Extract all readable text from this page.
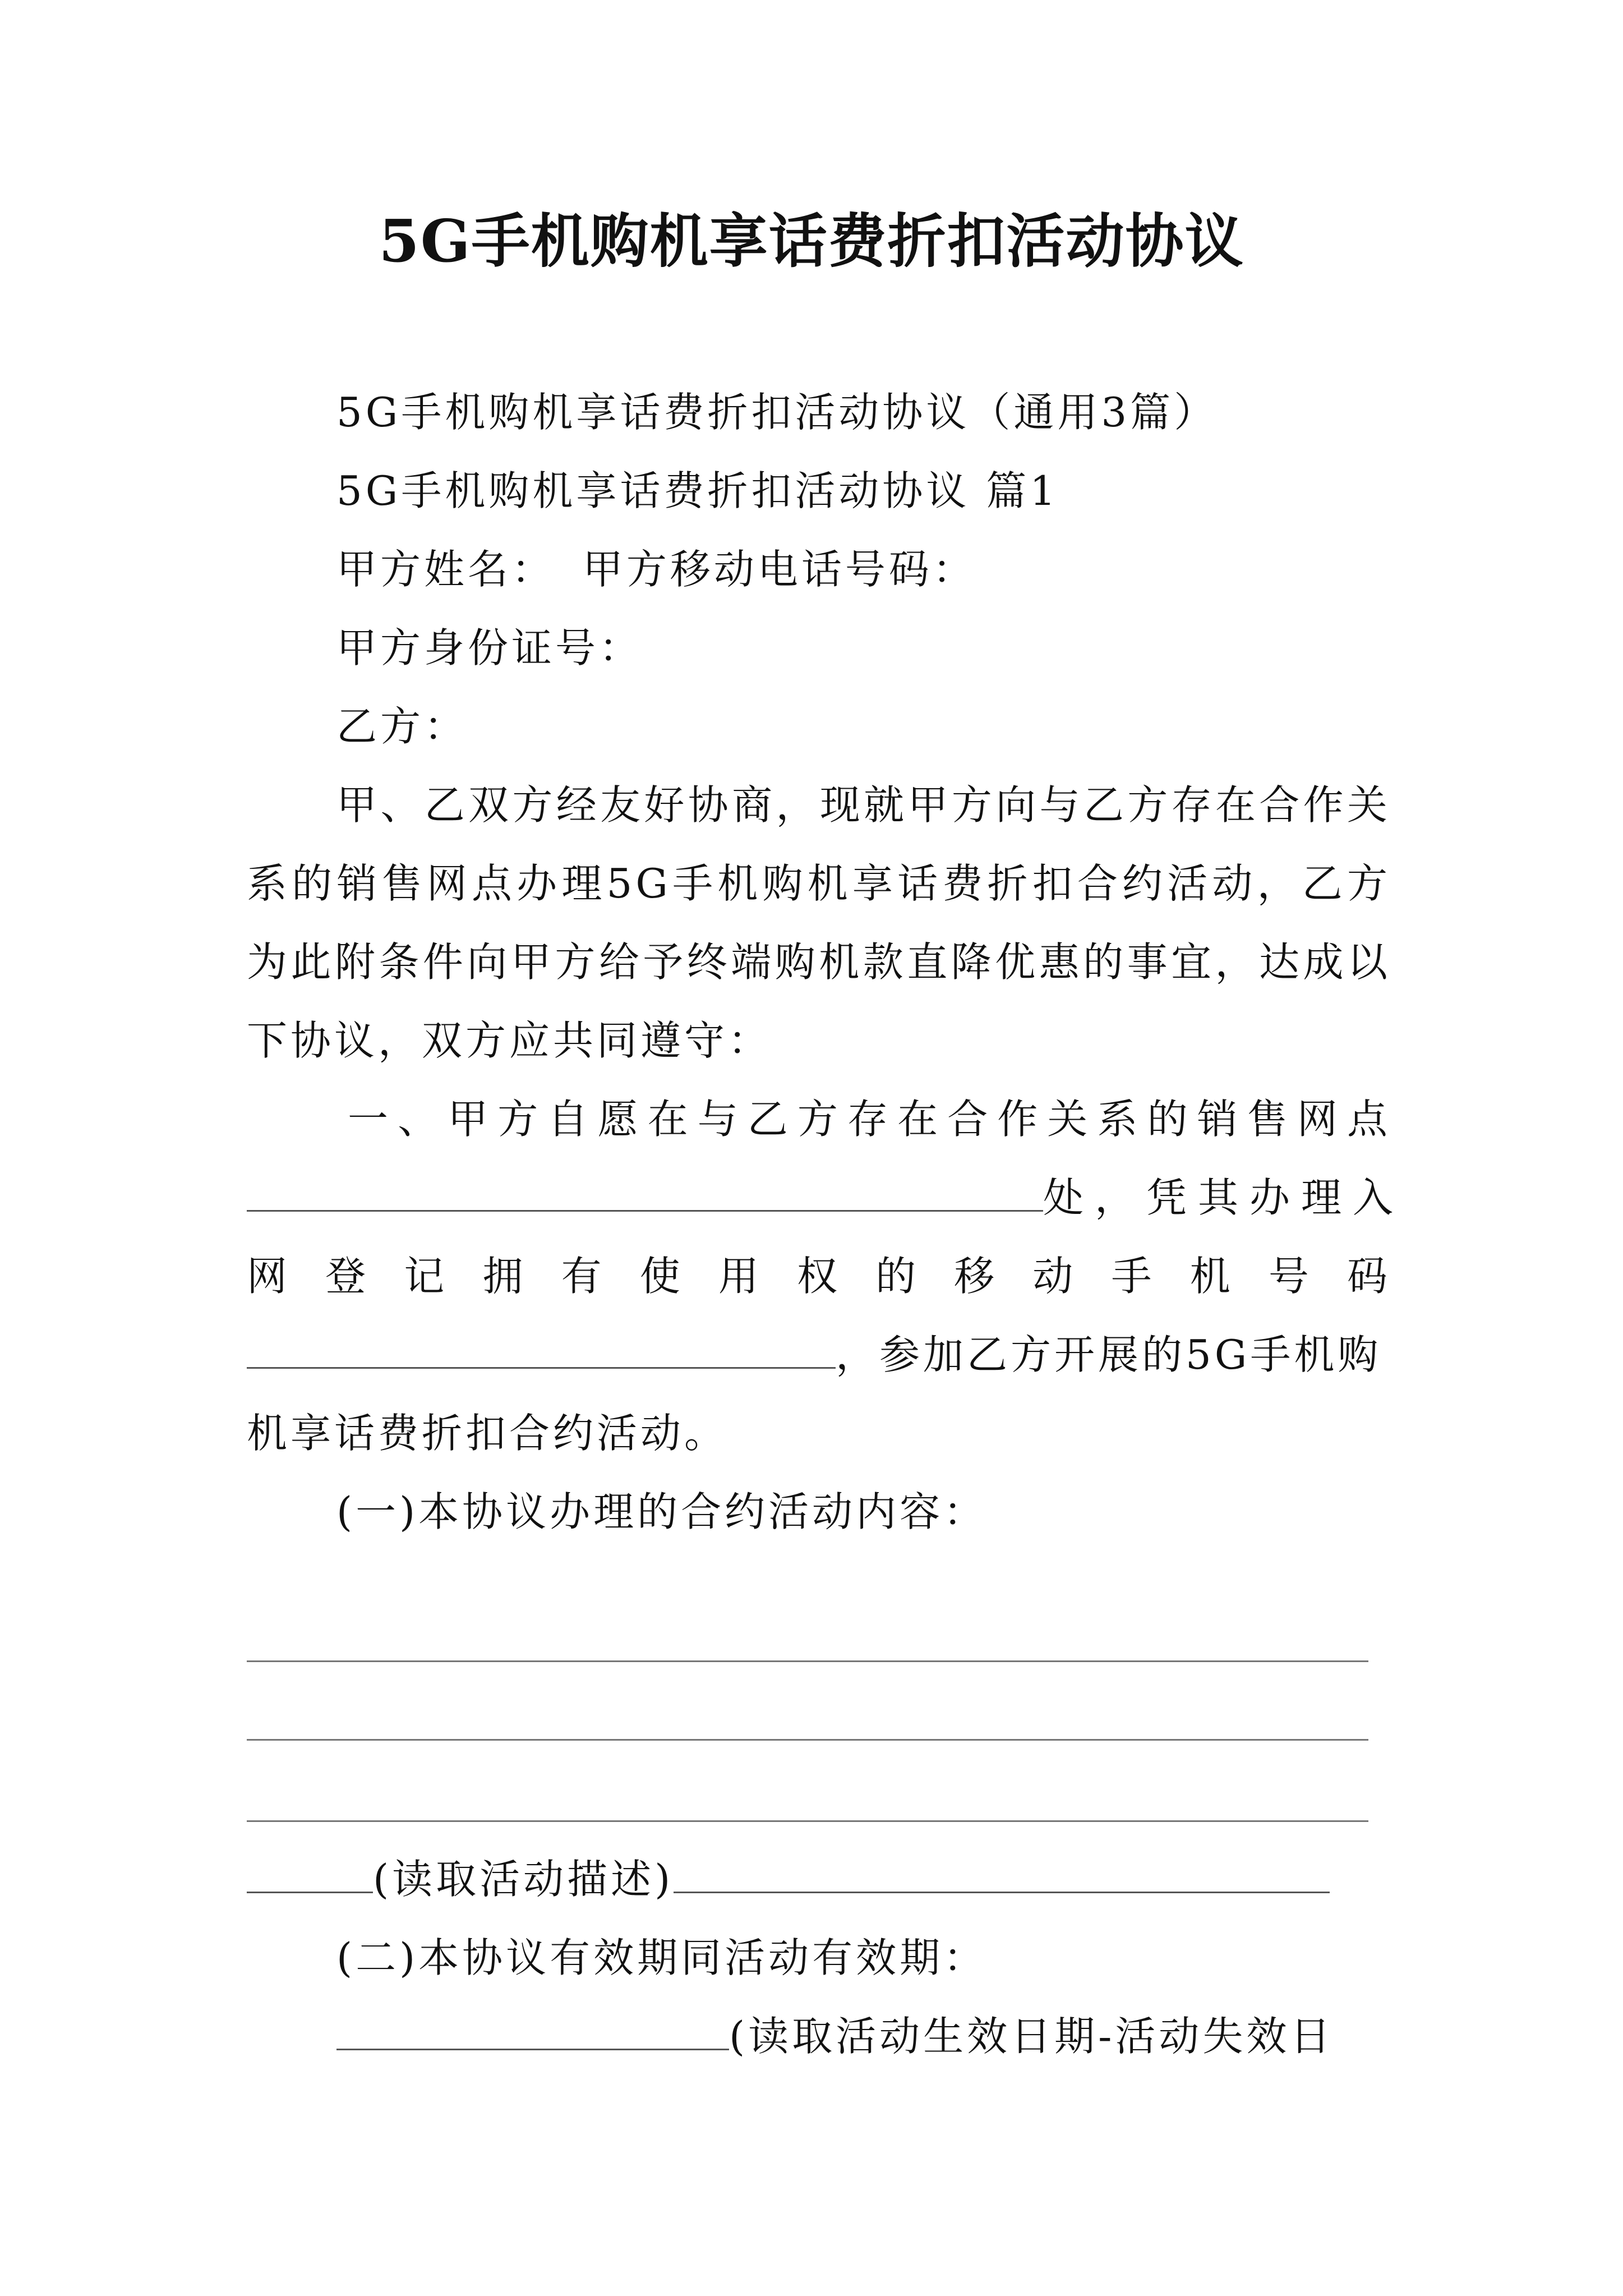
5G手机购机享话费折扣活动协议
5G手机购机享话费折扣活动协议（通用3篇）
5G手机购机享话费折扣活动协议 篇1
甲方姓名： 甲方移动电话号码：
甲方身份证号：
乙方：
甲、乙双方经友好协商，现就甲方向与乙方存在合作关
系的销售网点办理5G手机购机享话费折扣合约活动，乙方
为此附条件向甲方给予终端购机款直降优惠的事宜，达成以
下协议，双方应共同遵守：
一、甲方自愿在与乙方存在合作关系的销售网点
处，凭其办理入
网登记拥有使用权的移动手机号码
，参加乙方开展的5G手机购
机享话费折扣合约活动。
(一)本协议办理的合约活动内容：
(读取活动描述)
(二)本协议有效期同活动有效期：
(读取活动生效日期-活动失效日
